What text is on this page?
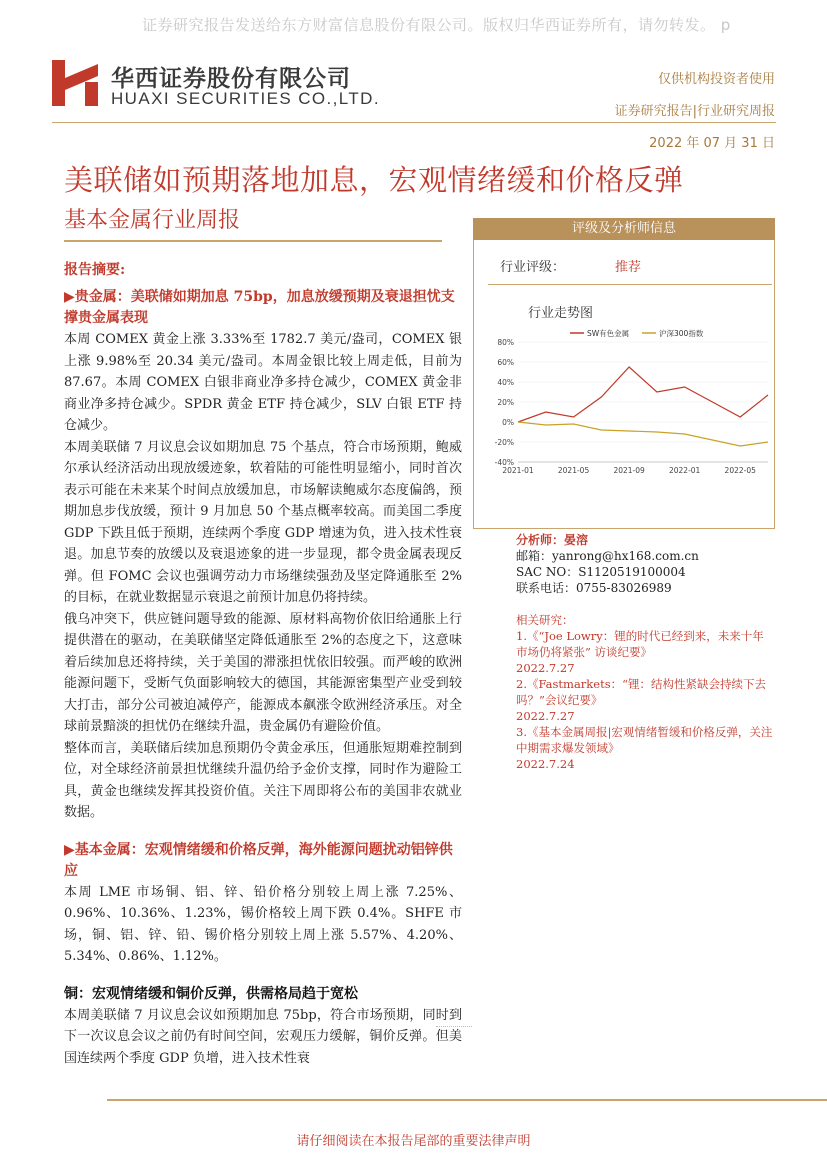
证券研究报告发送给东方财富信息股份有限公司。版权归华西证券所有，请勿转发。 p
华西证券股份有限公司
HUAXI SECURITIES CO.,LTD.
仅供机构投资者使用
证券研究报告|行业研究周报
2022 年 07 月 31 日
美联储如预期落地加息，宏观情绪缓和价格反弹
基本金属行业周报
报告摘要:
▶贵金属：美联储如期加息 75bp，加息放缓预期及衰退担忧支撑贵金属表现

本周 COMEX 黄金上涨 3.33%至 1782.7 美元/盎司，COMEX 银上涨 9.98%至 20.34 美元/盎司。本周金银比较上周走低，目前为 87.67。本周 COMEX 白银非商业净多持仓减少，COMEX 黄金非商业净多持仓减少。SPDR 黄金 ETF 持仓减少，SLV 白银 ETF 持仓减少。

本周美联储 7 月议息会议如期加息 75 个基点，符合市场预期，鲍威尔承认经济活动出现放缓迹象，软着陆的可能性明显缩小，同时首次表示可能在未来某个时间点放缓加息，市场解读鲍威尔态度偏鸽，预期加息步伐放缓，预计 9 月加息 50 个基点概率较高。而美国二季度 GDP 下跌且低于预期，连续两个季度 GDP 增速为负，进入技术性衰退。加息节奏的放缓以及衰退迹象的进一步显现，都令贵金属表现反弹。但 FOMC 会议也强调劳动力市场继续强劲及坚定降通胀至 2%的目标，在就业数据显示衰退之前预计加息仍将持续。

俄乌冲突下，供应链问题导致的能源、原材料高物价依旧给通胀上行提供潜在的驱动，在美联储坚定降低通胀至 2%的态度之下，这意味着后续加息还将持续，关于美国的滞涨担忧依旧较强。而严峻的欧洲能源问题下，受断气负面影响较大的德国，其能源密集型产业受到较大打击，部分公司被迫减停产，能源成本飙涨令欧洲经济承压。对全球前景黯淡的担忧仍在继续升温，贵金属仍有避险价值。

整体而言，美联储后续加息预期仍令黄金承压，但通胀短期难控制到位，对全球经济前景担忧继续升温仍给予金价支撑，同时作为避险工具，黄金也继续发挥其投资价值。关注下周即将公布的美国非农就业数据。

▶基本金属：宏观情绪缓和价格反弹，海外能源问题扰动铝锌供应

本周 LME 市场铜、铝、锌、铅价格分别较上周上涨 7.25%、0.96%、10.36%、1.23%，锡价格较上周下跌 0.4%。SHFE 市场，铜、铝、锌、铅、锡价格分别较上周上涨 5.57%、4.20%、5.34%、0.86%、1.12%。

铜：宏观情绪缓和铜价反弹，供需格局趋于宽松

本周美联储 7 月议息会议如预期加息 75bp，符合市场预期，同时到下一次议息会议之前仍有时间空间，宏观压力缓解，铜价反弹。但美国连续两个季度 GDP 负增，进入技术性衰

评级及分析师信息
行业评级：	推荐
行业走势图
80%
60%
40%
20%
0%
-20%
-40%
2021-01	2021-05	2021-09	2022-01	2022-05
SW有色金属	沪深300指数
分析师：晏溶
邮箱：yanrong@hx168.com.cn
SAC NO：S1120519100004
联系电话：0755-83026989
相关研究：
1.《“Joe Lowry：锂的时代已经到来，未来十年市场仍将紧张” 访谈纪要》
2022.7.27
2.《Fastmarkets：“锂：结构性紧缺会持续下去吗？”会议纪要》
2022.7.27
3.《基本金属周报|宏观情绪暂缓和价格反弹，关注中期需求爆发领域》
2022.7.24
请仔细阅读在本报告尾部的重要法律声明
